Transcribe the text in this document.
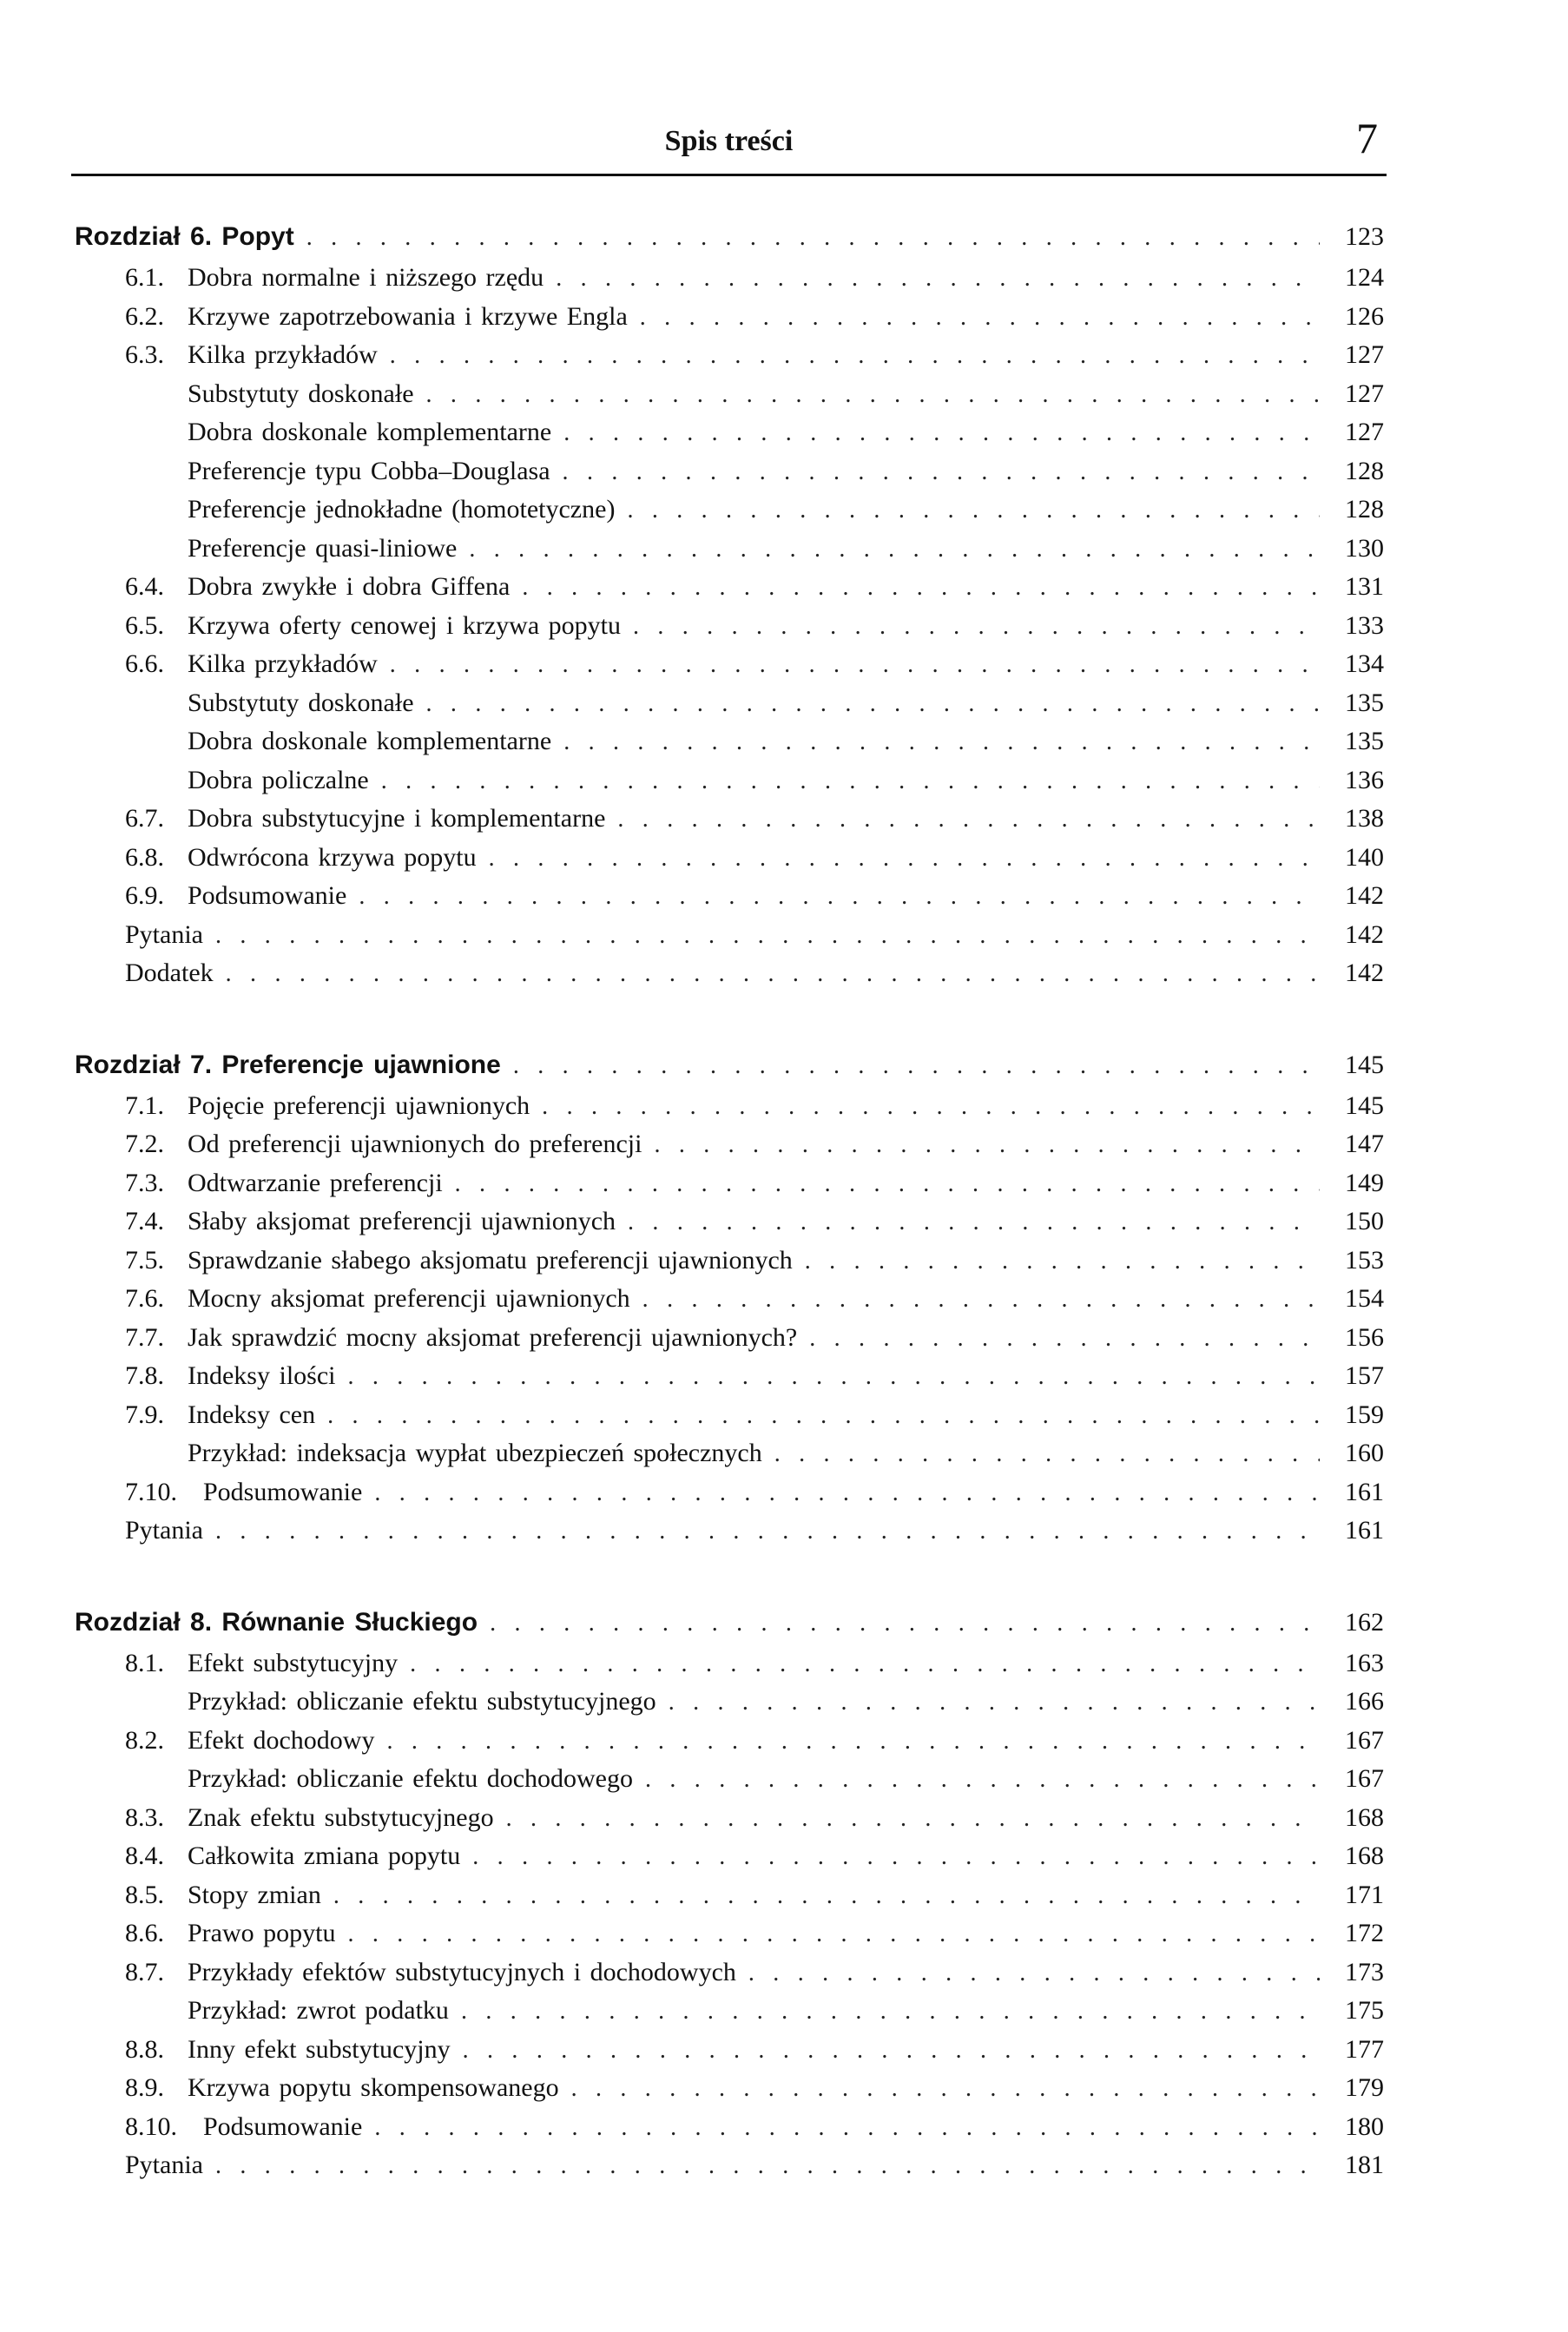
Spis treści	7
Rozdział 6. Popyt . . .	123
6.1. Dobra normalne i niższego rzędu . . .	124
6.2. Krzywe zapotrzebowania i krzywe Engla . . .	126
6.3. Kilka przykładów . . .	127
Substytuty doskonałe . . .	127
Dobra doskonale komplementarne . . .	127
Preferencje typu Cobba–Douglasa . . .	128
Preferencje jednokładne (homotetyczne) . . .	128
Preferencje quasi-liniowe . . .	130
6.4. Dobra zwykłe i dobra Giffena . . .	131
6.5. Krzywa oferty cenowej i krzywa popytu . . .	133
6.6. Kilka przykładów . . .	134
Substytuty doskonałe . . .	135
Dobra doskonale komplementarne . . .	135
Dobra policzalne . . .	136
6.7. Dobra substytucyjne i komplementarne . . .	138
6.8. Odwrócona krzywa popytu . . .	140
6.9. Podsumowanie . . .	142
Pytania . . .	142
Dodatek . . .	142
Rozdział 7. Preferencje ujawnione . . .	145
7.1. Pojęcie preferencji ujawnionych . . .	145
7.2. Od preferencji ujawnionych do preferencji . . .	147
7.3. Odtwarzanie preferencji . . .	149
7.4. Słaby aksjomat preferencji ujawnionych . . .	150
7.5. Sprawdzanie słabego aksjomatu preferencji ujawnionych . . .	153
7.6. Mocny aksjomat preferencji ujawnionych . . .	154
7.7. Jak sprawdzić mocny aksjomat preferencji ujawnionych? . . .	156
7.8. Indeksy ilości . . .	157
7.9. Indeksy cen . . .	159
Przykład: indeksacja wypłat ubezpieczeń społecznych . . .	160
7.10.	Podsumowanie . . .	161
Pytania . . .	161
Rozdział 8. Równanie Słuckiego . . .	162
8.1. Efekt substytucyjny . . .	163
Przykład: obliczanie efektu substytucyjnego . . .	166
8.2. Efekt dochodowy . . .	167
Przykład: obliczanie efektu dochodowego . . .	167
8.3. Znak efektu substytucyjnego . . .	168
8.4. Całkowita zmiana popytu . . .	168
8.5. Stopy zmian . . .	171
8.6. Prawo popytu . . .	172
8.7. Przykłady efektów substytucyjnych i dochodowych . . .	173
Przykład: zwrot podatku . . .	175
8.8. Inny efekt substytucyjny . . .	177
8.9. Krzywa popytu skompensowanego . . .	179
8.10.	Podsumowanie . . .	180
Pytania . . .	181
